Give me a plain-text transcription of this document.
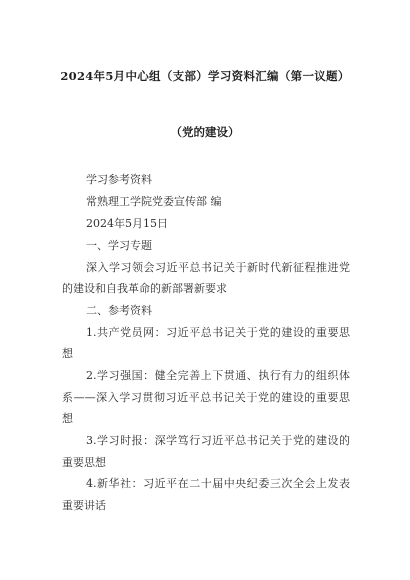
2024年5月中心组（支部）学习资料汇编（第一议题）
（党的建设）
学习参考资料
常熟理工学院党委宣传部 编
2024年5月15日
一、学习专题
深入学习领会习近平总书记关于新时代新征程推进党
的建设和自我革命的新部署新要求
二、参考资料
1.共产党员网：习近平总书记关于党的建设的重要思
想
2.学习强国：健全完善上下贯通、执行有力的组织体
系——深入学习贯彻习近平总书记关于党的建设的重要思
想
3.学习时报：深学笃行习近平总书记关于党的建设的
重要思想
4.新华社：习近平在二十届中央纪委三次全会上发表
重要讲话
